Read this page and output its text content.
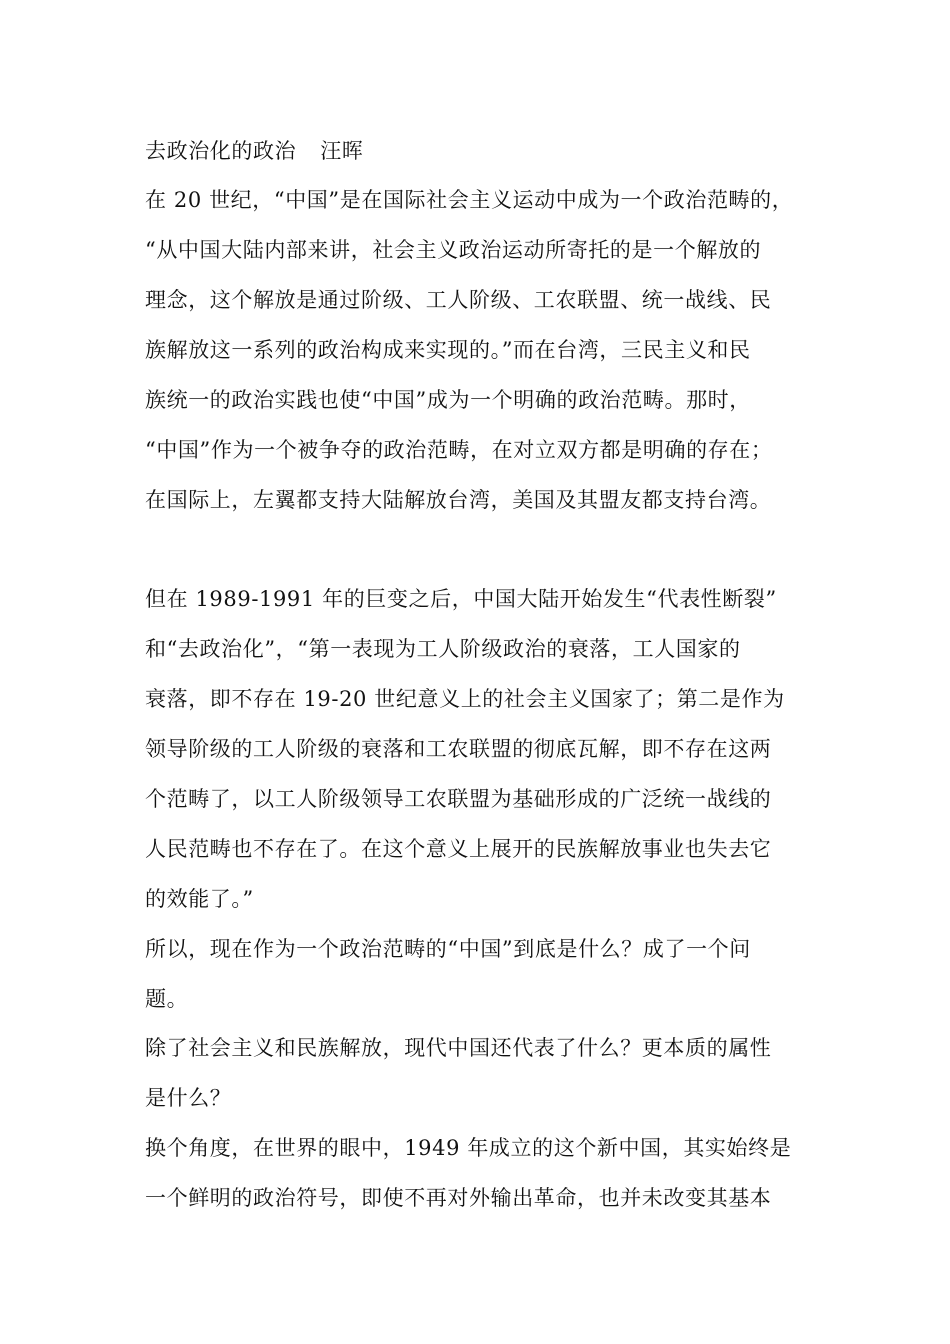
去政治化的政治 汪晖
在 20 世纪，“中国”是在国际社会主义运动中成为一个政治范畴的，
“从中国大陆内部来讲，社会主义政治运动所寄托的是一个解放的
理念，这个解放是通过阶级、工人阶级、工农联盟、统一战线、民
族解放这一系列的政治构成来实现的。”而在台湾，三民主义和民
族统一的政治实践也使“中国”成为一个明确的政治范畴。那时，
“中国”作为一个被争夺的政治范畴，在对立双方都是明确的存在；
在国际上，左翼都支持大陆解放台湾，美国及其盟友都支持台湾。
但在 1989-1991 年的巨变之后，中国大陆开始发生“代表性断裂”
和“去政治化”，“第一表现为工人阶级政治的衰落，工人国家的
衰落，即不存在 19-20 世纪意义上的社会主义国家了；第二是作为
领导阶级的工人阶级的衰落和工农联盟的彻底瓦解，即不存在这两
个范畴了，以工人阶级领导工农联盟为基础形成的广泛统一战线的
人民范畴也不存在了。在这个意义上展开的民族解放事业也失去它
的效能了。”
所以，现在作为一个政治范畴的“中国”到底是什么？成了一个问
题。
除了社会主义和民族解放，现代中国还代表了什么？更本质的属性
是什么？
换个角度，在世界的眼中，1949 年成立的这个新中国，其实始终是
一个鲜明的政治符号，即使不再对外输出革命，也并未改变其基本
